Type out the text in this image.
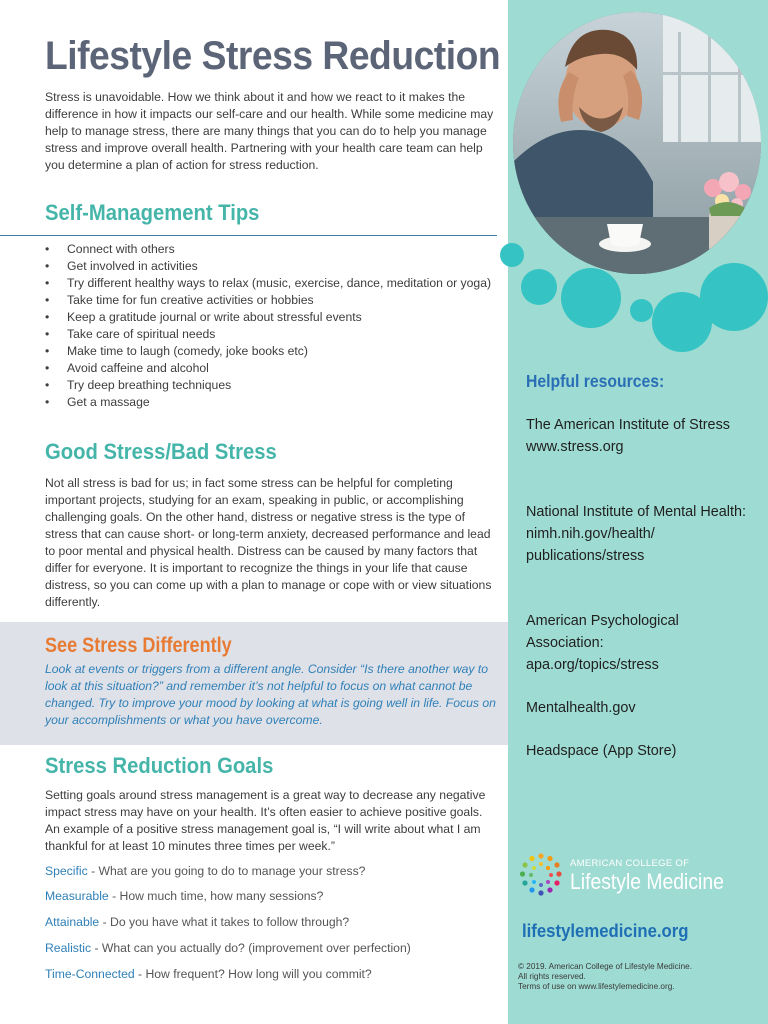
Lifestyle Stress Reduction

Stress is unavoidable. How we think about it and how we react to it makes the difference in how it impacts our self-care and our health. While some medicine may help to manage stress, there are many things that you can do to help you manage stress and improve overall health. Partnering with your health care team can help you determine a plan of action for stress reduction.

Self-Management Tips
• Connect with others
• Get involved in activities
• Try different healthy ways to relax (music, exercise, dance, meditation or yoga)
• Take time for fun creative activities or hobbies
• Keep a gratitude journal or write about stressful events
• Take care of spiritual needs
• Make time to laugh (comedy, joke books etc)
• Avoid caffeine and alcohol
• Try deep breathing techniques
• Get a massage
Good Stress/Bad Stress

Not all stress is bad for us; in fact some stress can be helpful for completing important projects, studying for an exam, speaking in public, or accomplishing challenging goals. On the other hand, distress or negative stress is the type of stress that can cause short- or long-term anxiety, decreased performance and lead to poor mental and physical health. Distress can be caused by many factors that differ for everyone. It is important to recognize the things in your life that cause distress, so you can come up with a plan to manage or cope with or view situations differently.

See Stress Differently

Look at events or triggers from a different angle. Consider “Is there another way to look at this situation?” and remember it’s not helpful to focus on what cannot be changed. Try to improve your mood by looking at what is going well in life. Focus on your accomplishments or what you have overcome.

Stress Reduction Goals

Setting goals around stress management is a great way to decrease any negative impact stress may have on your health. It’s often easier to achieve positive goals. An example of a positive stress management goal is, “I will write about what I am thankful for at least 10 minutes three times per week.”

Specific - What are you going to do to manage your stress?
Measurable - How much time, how many sessions?
Attainable - Do you have what it takes to follow through?
Realistic - What can you actually do? (improvement over perfection)
Time-Connected - How frequent? How long will you commit?
Helpful resources:
The American Institute of Stress
www.stress.org
National Institute of Mental Health:
nimh.nih.gov/health/ publications/stress
American Psychological Association:
apa.org/topics/stress
Mentalhealth.gov
Headspace (App Store)
AMERICAN COLLEGE OF
Lifestyle Medicine
lifestylemedicine.org
© 2019. American College of Lifestyle Medicine.
All rights reserved.
Terms of use on www.lifestylemedicine.org.
